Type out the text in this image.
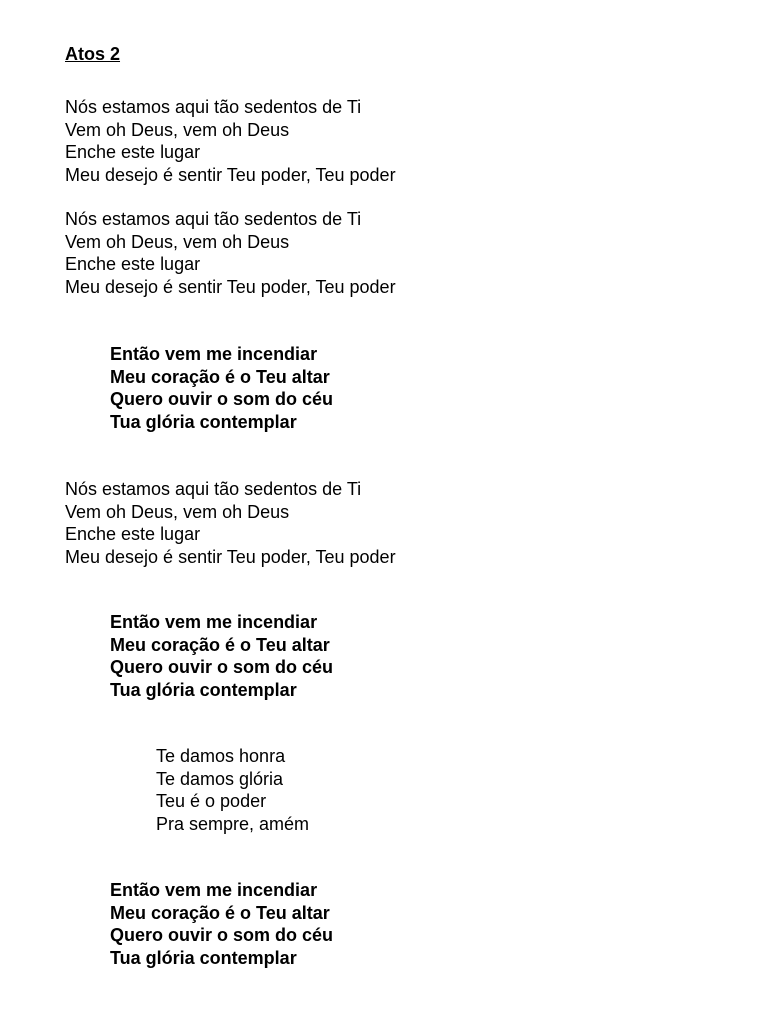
Atos 2
Nós estamos aqui tão sedentos de Ti
Vem oh Deus, vem oh Deus
Enche este lugar
Meu desejo é sentir Teu poder, Teu poder
Nós estamos aqui tão sedentos de Ti
Vem oh Deus, vem oh Deus
Enche este lugar
Meu desejo é sentir Teu poder, Teu poder
Então vem me incendiar
Meu coração é o Teu altar
Quero ouvir o som do céu
Tua glória contemplar
Nós estamos aqui tão sedentos de Ti
Vem oh Deus, vem oh Deus
Enche este lugar
Meu desejo é sentir Teu poder, Teu poder
Então vem me incendiar
Meu coração é o Teu altar
Quero ouvir o som do céu
Tua glória contemplar
Te damos honra
Te damos glória
Teu é o poder
Pra sempre, amém
Então vem me incendiar
Meu coração é o Teu altar
Quero ouvir o som do céu
Tua glória contemplar
